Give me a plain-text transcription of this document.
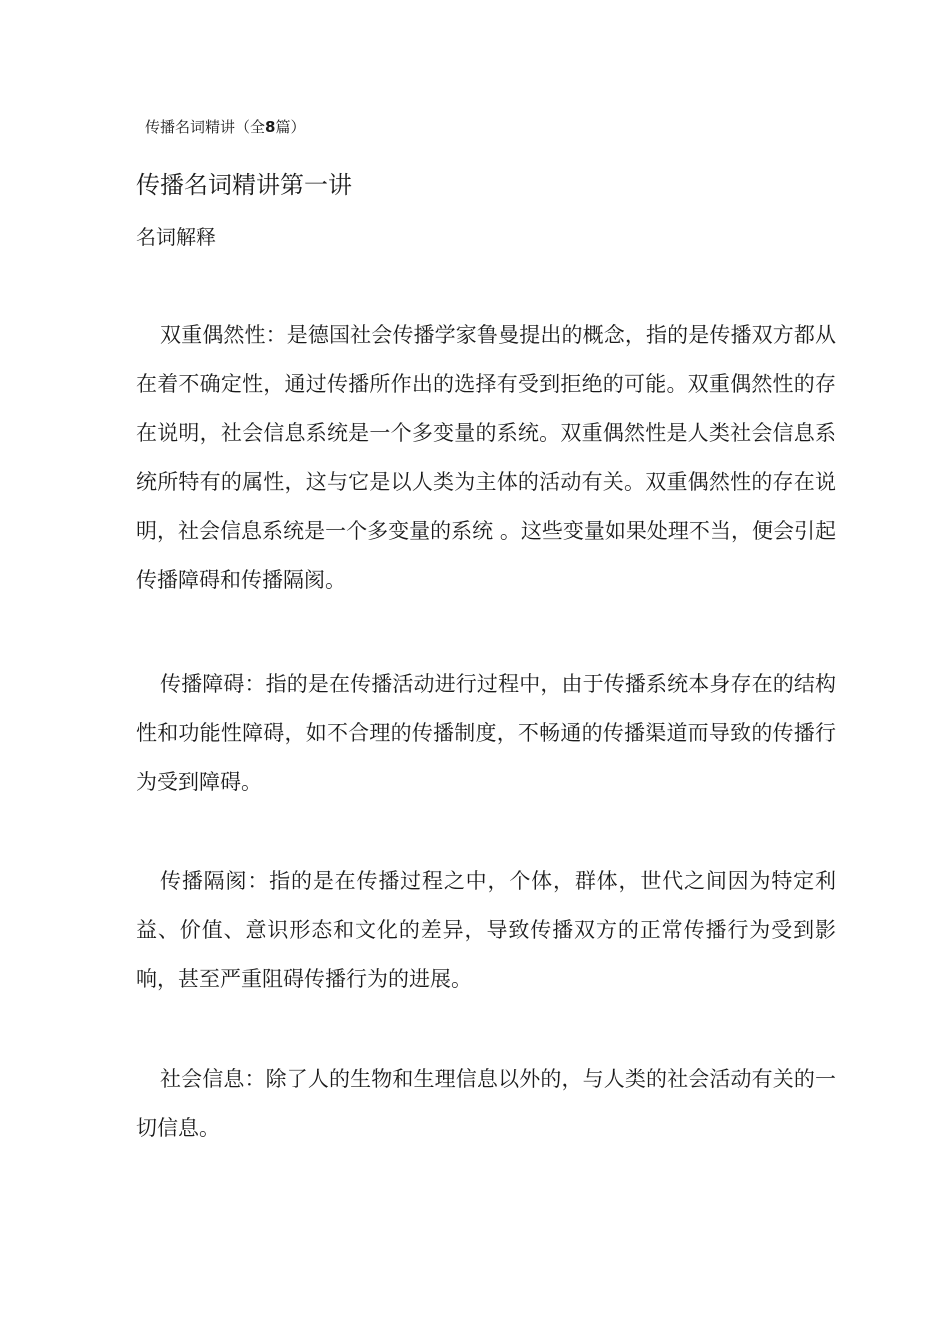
传播名词精讲（全8篇）
传播名词精讲第一讲
名词解释

双重偶然性：是德国社会传播学家鲁曼提出的概念，指的是传播双方都从在着不确定性，通过传播所作出的选择有受到拒绝的可能。双重偶然性的存在说明，社会信息系统是一个多变量的系统。双重偶然性是人类社会信息系统所特有的属性，这与它是以人类为主体的活动有关。双重偶然性的存在说明，社会信息系统是一个多变量的系统 。这些变量如果处理不当，便会引起传播障碍和传播隔阂。

传播障碍：指的是在传播活动进行过程中，由于传播系统本身存在的结构性和功能性障碍，如不合理的传播制度，不畅通的传播渠道而导致的传播行为受到障碍。

传播隔阂：指的是在传播过程之中，个体，群体，世代之间因为特定利益、价值、意识形态和文化的差异，导致传播双方的正常传播行为受到影响，甚至严重阻碍传播行为的进展。

社会信息：除了人的生物和生理信息以外的，与人类的社会活动有关的一切信息。
